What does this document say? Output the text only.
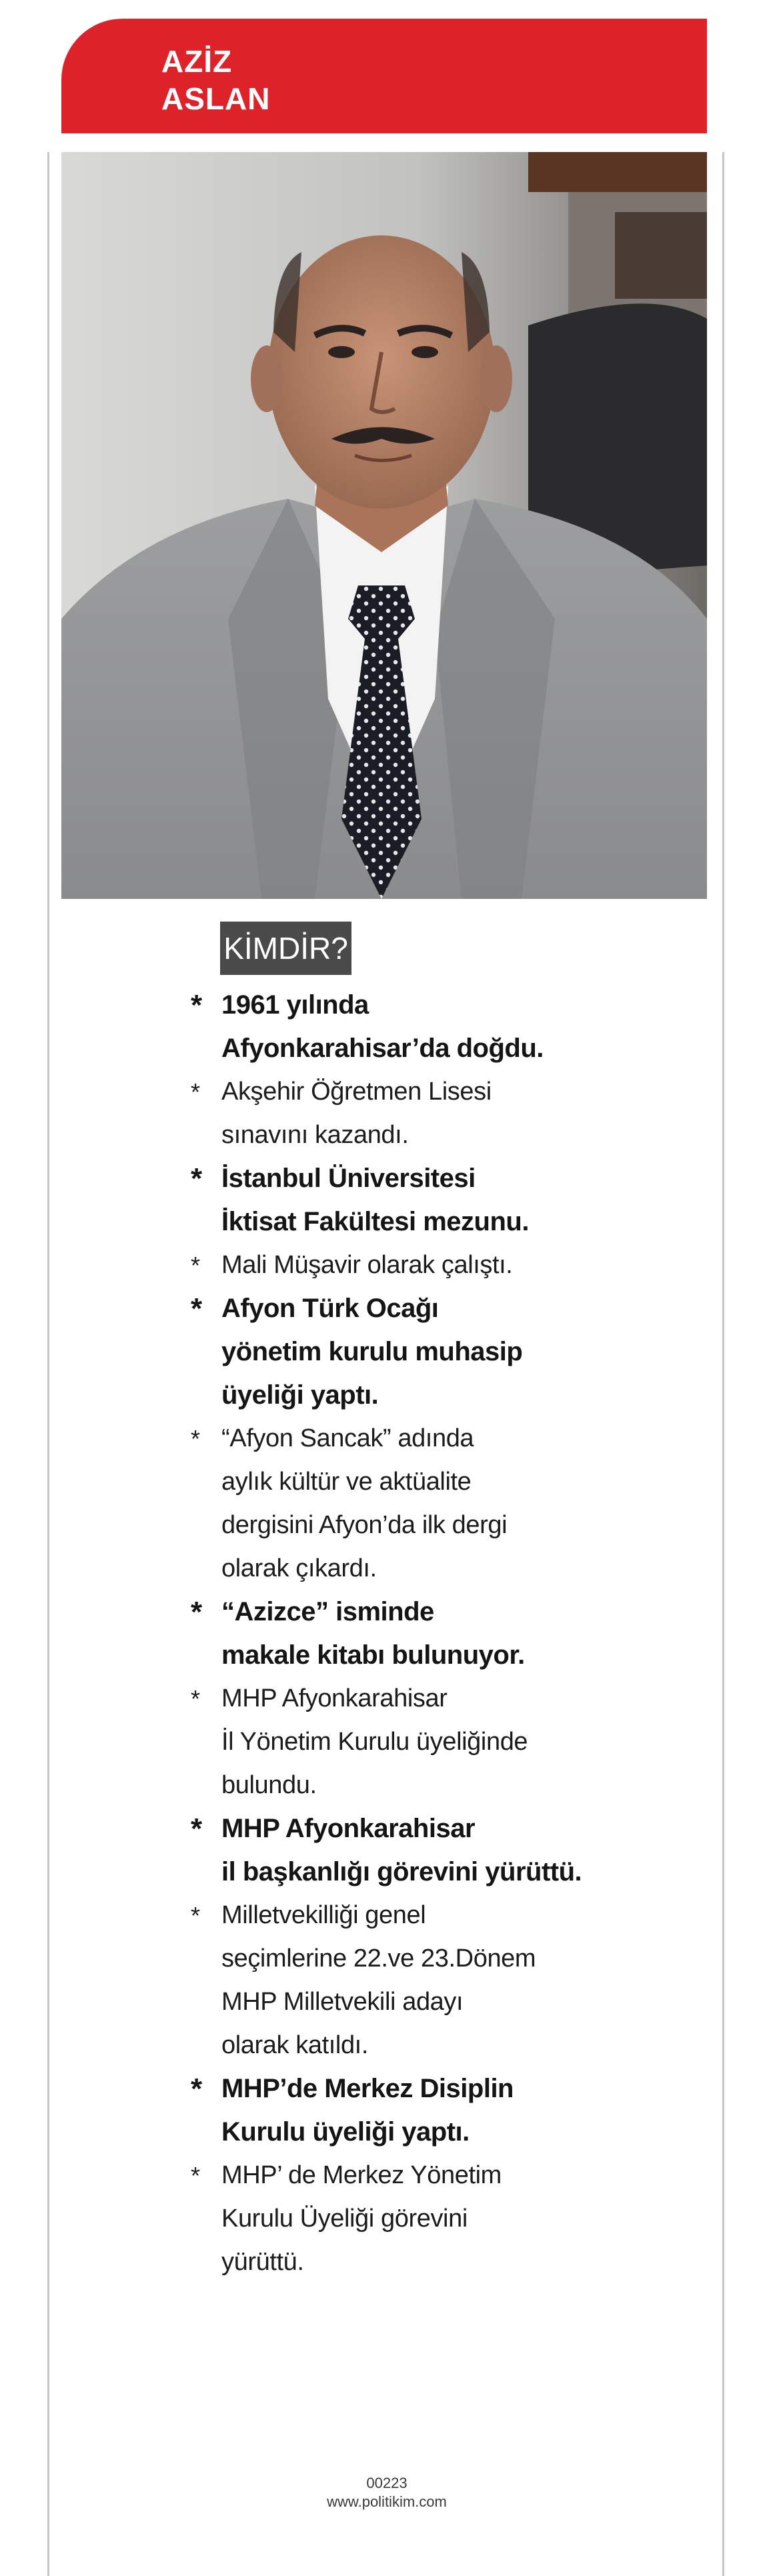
AZİZ
ASLAN
KİMDİR?
* 1961 yılında
Afyonkarahisar’da doğdu.
* Akşehir Öğretmen Lisesi
sınavını kazandı.
* İstanbul Üniversitesi
İktisat Fakültesi mezunu.
* Mali Müşavir olarak çalıştı.
* Afyon Türk Ocağı
yönetim kurulu muhasip
üyeliği yaptı.
* “Afyon Sancak” adında
aylık kültür ve aktüalite
dergisini Afyon’da ilk dergi
olarak çıkardı.
* “Azizce” isminde
makale kitabı bulunuyor.
* MHP Afyonkarahisar
İl Yönetim Kurulu üyeliğinde
bulundu.
* MHP Afyonkarahisar
il başkanlığı görevini yürüttü.
* Milletvekilliği genel
seçimlerine 22.ve 23.Dönem
MHP Milletvekili adayı
olarak katıldı.
* MHP’de Merkez Disiplin
Kurulu üyeliği yaptı.
* MHP’ de Merkez Yönetim
Kurulu Üyeliği görevini
yürüttü.
00223
www.politikim.com
